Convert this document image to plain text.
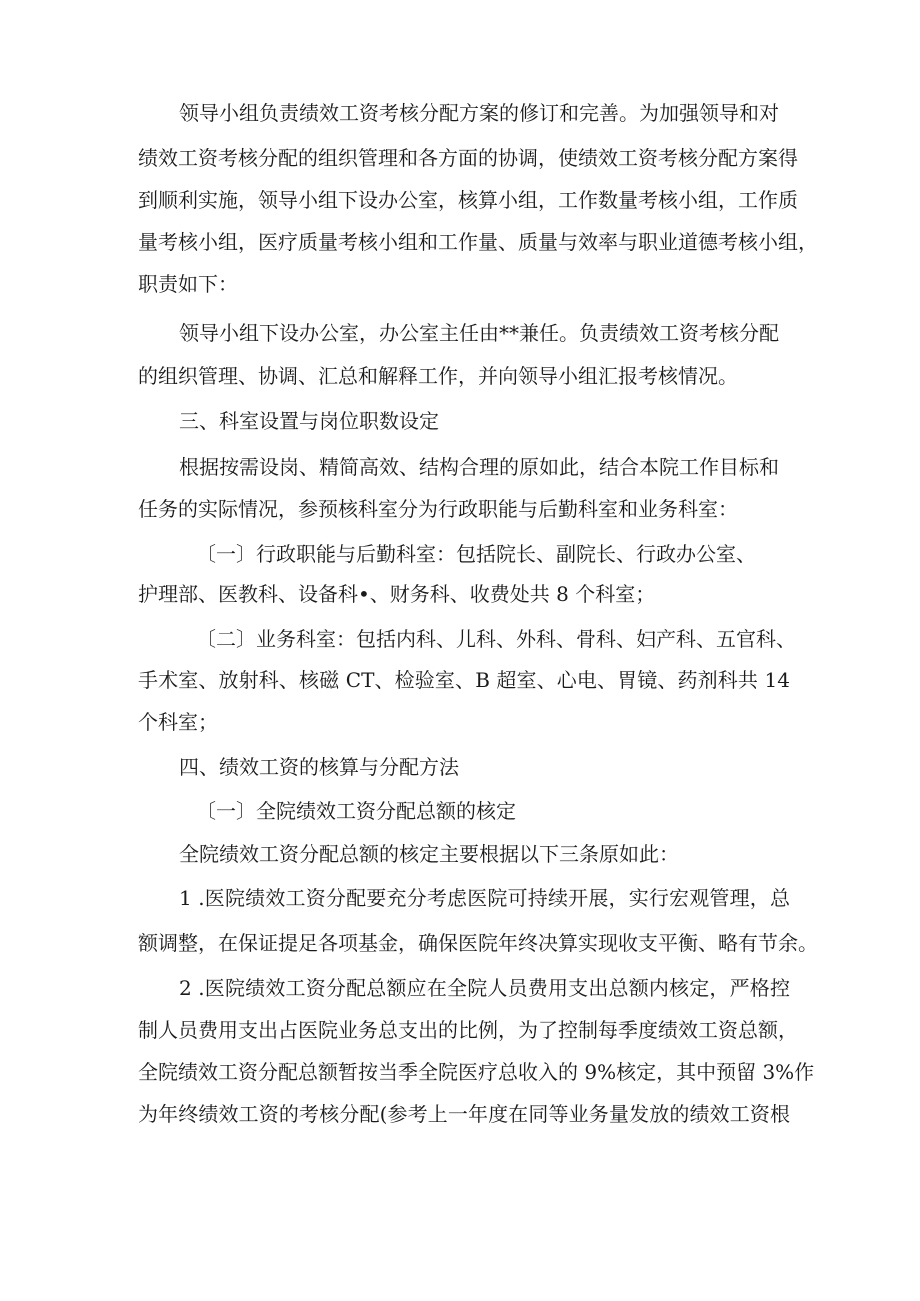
领导小组负责绩效工资考核分配方案的修订和完善。为加强领导和对

绩效工资考核分配的组织管理和各方面的协调，使绩效工资考核分配方案得

到顺利实施，领导小组下设办公室，核算小组，工作数量考核小组，工作质

量考核小组，医疗质量考核小组和工作量、质量与效率与职业道德考核小组，

职责如下：

领导小组下设办公室，办公室主任由**兼任。负责绩效工资考核分配

的组织管理、协调、汇总和解释工作，并向领导小组汇报考核情况。

三、科室设置与岗位职数设定

根据按需设岗、精简高效、结构合理的原如此，结合本院工作目标和

任务的实际情况，参预核科室分为行政职能与后勤科室和业务科室：

〔一〕行政职能与后勤科室：包括院长、副院长、行政办公室、

护理部、医教科、设备科•、财务科、收费处共 8 个科室；

〔二〕业务科室：包括内科、儿科、外科、骨科、妇产科、五官科、

手术室、放射科、核磁 CT、检验室、B 超室、心电、胃镜、药剂科共 14

个科室；

四、绩效工资的核算与分配方法

〔一〕全院绩效工资分配总额的核定

全院绩效工资分配总额的核定主要根据以下三条原如此：

1 .医院绩效工资分配要充分考虑医院可持续开展，实行宏观管理，总

额调整，在保证提足各项基金，确保医院年终决算实现收支平衡、略有节余。

2 .医院绩效工资分配总额应在全院人员费用支出总额内核定，严格控

制人员费用支出占医院业务总支出的比例，为了控制每季度绩效工资总额，

全院绩效工资分配总额暂按当季全院医疗总收入的 9%核定，其中预留 3%作

为年终绩效工资的考核分配(参考上一年度在同等业务量发放的绩效工资根
